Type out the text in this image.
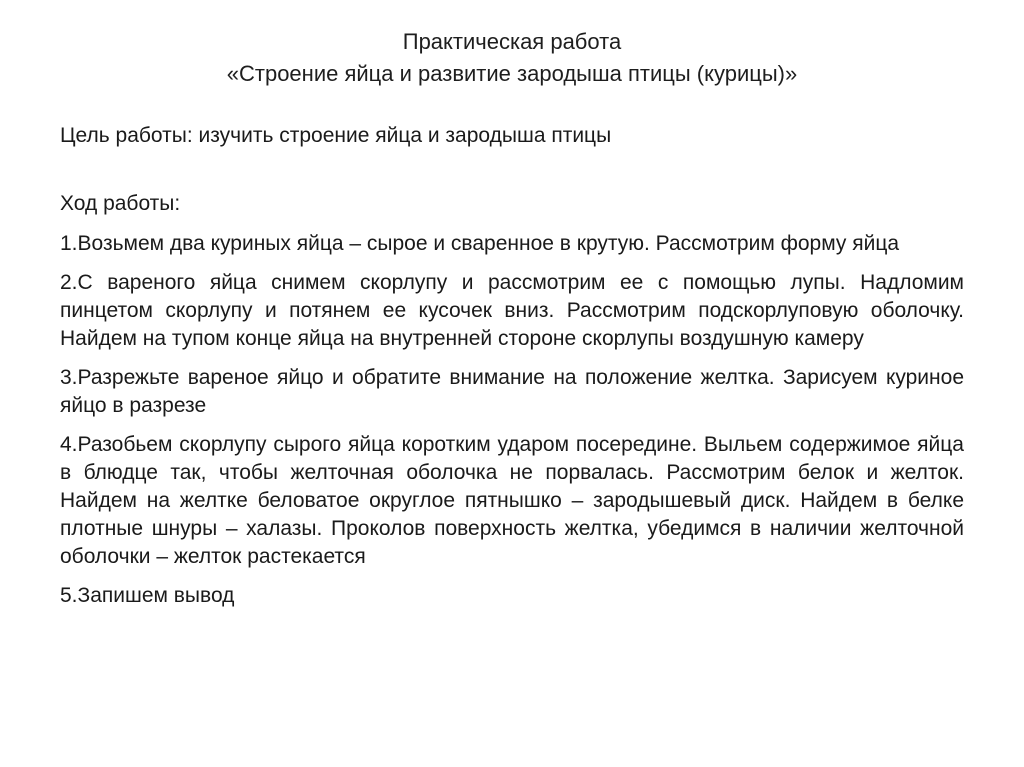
Практическая работа
«Строение яйца и развитие зародыша птицы (курицы)»

Цель работы: изучить строение яйца и зародыша птицы

Ход работы:

1.Возьмем два куриных яйца – сырое и сваренное в крутую. Рассмотрим форму яйца
2.С вареного яйца снимем скорлупу и рассмотрим ее с помощью лупы. Надломим пинцетом скорлупу и потянем ее кусочек вниз. Рассмотрим подскорлуповую оболочку. Найдем на тупом конце яйца на внутренней стороне скорлупы воздушную камеру
3.Разрежьте вареное яйцо и обратите внимание на положение желтка. Зарисуем куриное яйцо в разрезе
4.Разобьем скорлупу сырого яйца коротким ударом посередине. Выльем содержимое яйца в блюдце так, чтобы желточная оболочка не порвалась. Рассмотрим белок и желток. Найдем на желтке беловатое округлое пятнышко – зародышевый диск. Найдем в белке плотные шнуры – халазы. Проколов поверхность желтка, убедимся в наличии желточной оболочки – желток растекается
5.Запишем вывод
